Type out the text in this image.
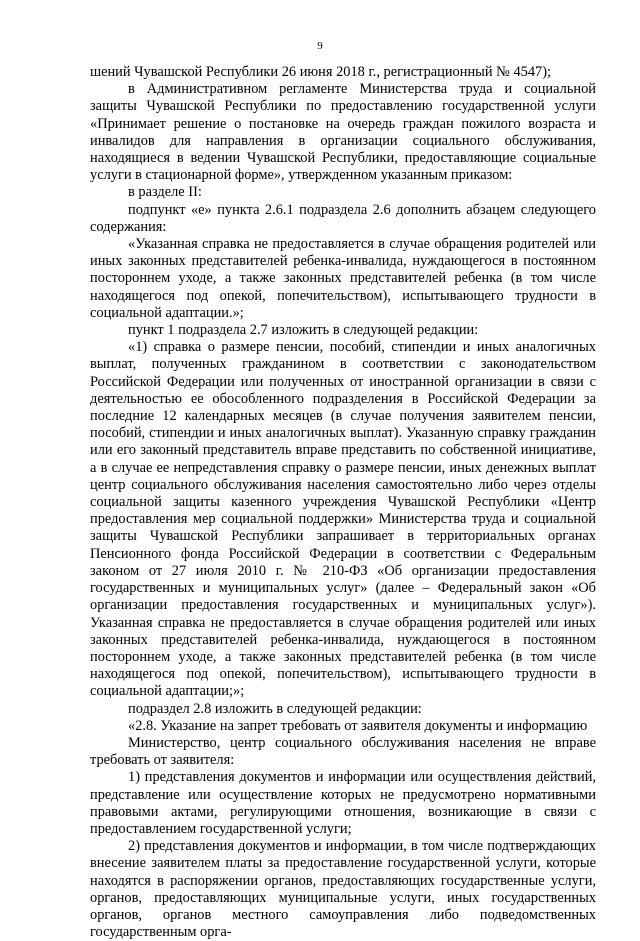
9

шений Чувашской Республики 26 июня 2018 г., регистрационный № 4547);

в Административном регламенте Министерства труда и социальной защиты Чувашской Республики по предоставлению государственной услуги «Принимает решение о постановке на очередь граждан пожилого возраста и инвалидов для направления в организации социального обслуживания, находящиеся в ведении Чувашской Республики, предоставляющие социальные услуги в стационарной форме», утвержденном указанным приказом:

в разделе II:

подпункт «е» пункта 2.6.1 подраздела 2.6 дополнить абзацем следующего содержания:

«Указанная справка не предоставляется в случае обращения родителей или иных законных представителей ребенка-инвалида, нуждающегося в постоянном постороннем уходе, а также законных представителей ребенка (в том числе находящегося под опекой, попечительством), испытывающего трудности в социальной адаптации.»;

пункт 1 подраздела 2.7 изложить в следующей редакции:

«1) справка о размере пенсии, пособий, стипендии и иных аналогичных выплат, полученных гражданином в соответствии с законодательством Российской Федерации или полученных от иностранной организации в связи с деятельностью ее обособленного подразделения в Российской Федерации за последние 12 календарных месяцев (в случае получения заявителем пенсии, пособий, стипендии и иных аналогичных выплат). Указанную справку гражданин или его законный представитель вправе представить по собственной инициативе, а в случае ее непредставления справку о размере пенсии, иных денежных выплат центр социального обслуживания населения самостоятельно либо через отделы социальной защиты казенного учреждения Чувашской Республики «Центр предоставления мер социальной поддержки» Министерства труда и социальной защиты Чувашской Республики запрашивает в территориальных органах Пенсионного фонда Российской Федерации в соответствии с Федеральным законом от 27 июля 2010 г. № 210-ФЗ «Об организации предоставления государственных и муниципальных услуг» (далее – Федеральный закон «Об организации предоставления государственных и муниципальных услуг»). Указанная справка не предоставляется в случае обращения родителей или иных законных представителей ребенка-инвалида, нуждающегося в постоянном постороннем уходе, а также законных представителей ребенка (в том числе находящегося под опекой, попечительством), испытывающего трудности в социальной адаптации;»;

подраздел 2.8 изложить в следующей редакции:

«2.8. Указание на запрет требовать от заявителя документы и информацию

Министерство, центр социального обслуживания населения не вправе требовать от заявителя:

1) представления документов и информации или осуществления действий, представление или осуществление которых не предусмотрено нормативными правовыми актами, регулирующими отношения, возникающие в связи с предоставлением государственной услуги;

2) представления документов и информации, в том числе подтверждающих внесение заявителем платы за предоставление государственной услуги, которые находятся в распоряжении органов, предоставляющих государственные услуги, органов, предоставляющих муниципальные услуги, иных государственных органов, органов местного самоуправления либо подведомственных государственным орга-
